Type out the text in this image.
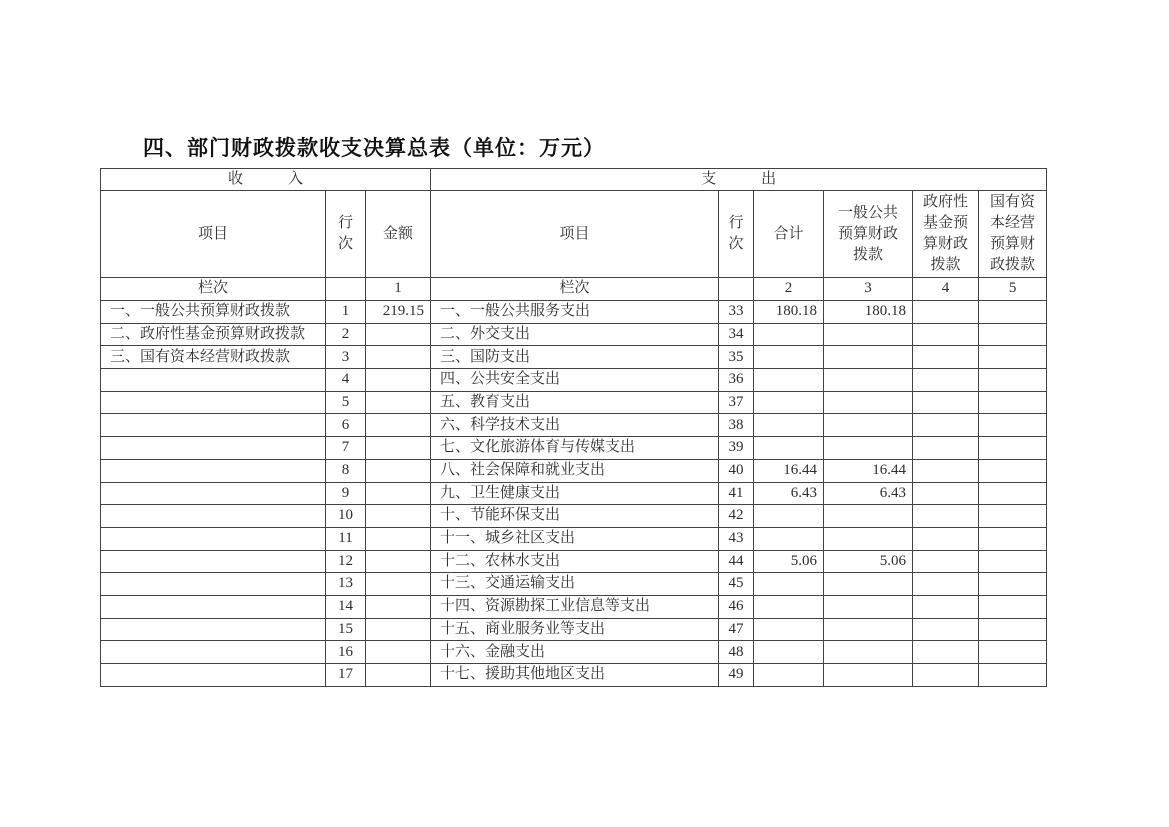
四、部门财政拨款收支决算总表（单位：万元）
收　　　入			支　　　出					
项目	行次	金额	项目	行次	合计	一般公共预算财政拨款	政府性基金预算财政拨款	国有资本经营预算财政拨款
栏次		1	栏次		2	3	4	5
一、一般公共预算财政拨款	1	219.15	一、一般公共服务支出	33	180.18	180.18		
二、政府性基金预算财政拨款	2		二、外交支出	34				
三、国有资本经营财政拨款	3		三、国防支出	35				
	4		四、公共安全支出	36				
	5		五、教育支出	37				
	6		六、科学技术支出	38				
	7		七、文化旅游体育与传媒支出	39				
	8		八、社会保障和就业支出	40	16.44	16.44		
	9		九、卫生健康支出	41	6.43	6.43		
	10		十、节能环保支出	42				
	11		十一、城乡社区支出	43				
	12		十二、农林水支出	44	5.06	5.06		
	13		十三、交通运输支出	45				
	14		十四、资源勘探工业信息等支出	46				
	15		十五、商业服务业等支出	47				
	16		十六、金融支出	48				
	17		十七、援助其他地区支出	49				
